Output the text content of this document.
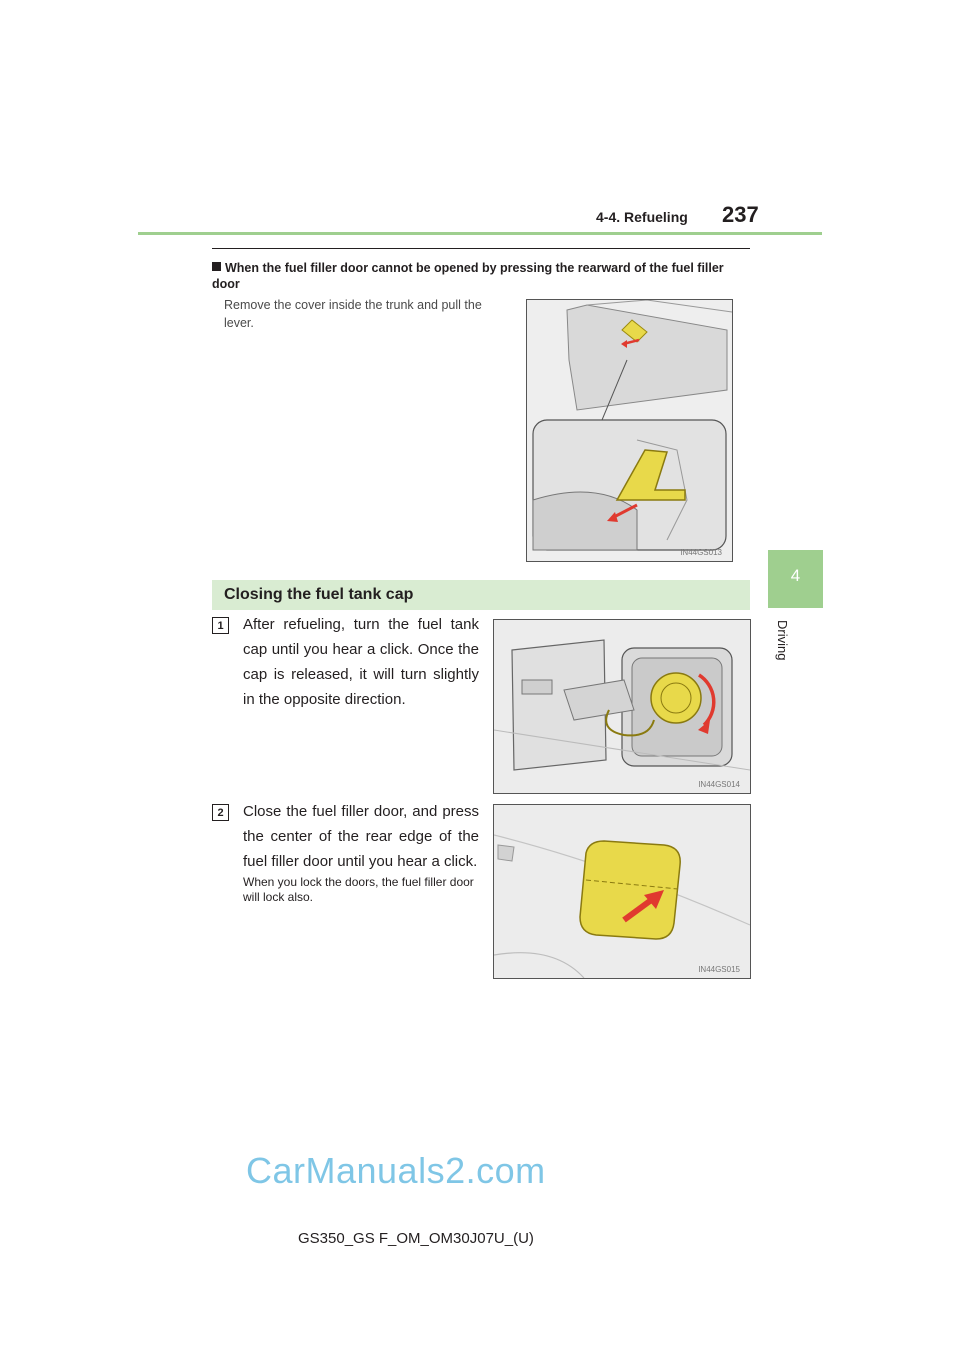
4-4. Refueling 237
4
Driving
When the fuel filler door cannot be opened by pressing the rearward of the fuel filler door
Remove the cover inside the trunk and pull the lever.
IN44GS013
Closing the fuel tank cap
1	After refueling, turn the fuel tank cap until you hear a click. Once the cap is released, it will turn slightly in the opposite direction.
IN44GS014
2	Close the fuel filler door, and press the center of the rear edge of the fuel filler door until you hear a click.
When you lock the doors, the fuel filler door will lock also.
IN44GS015
CarManuals2.com
GS350_GS F_OM_OM30J07U_(U)
